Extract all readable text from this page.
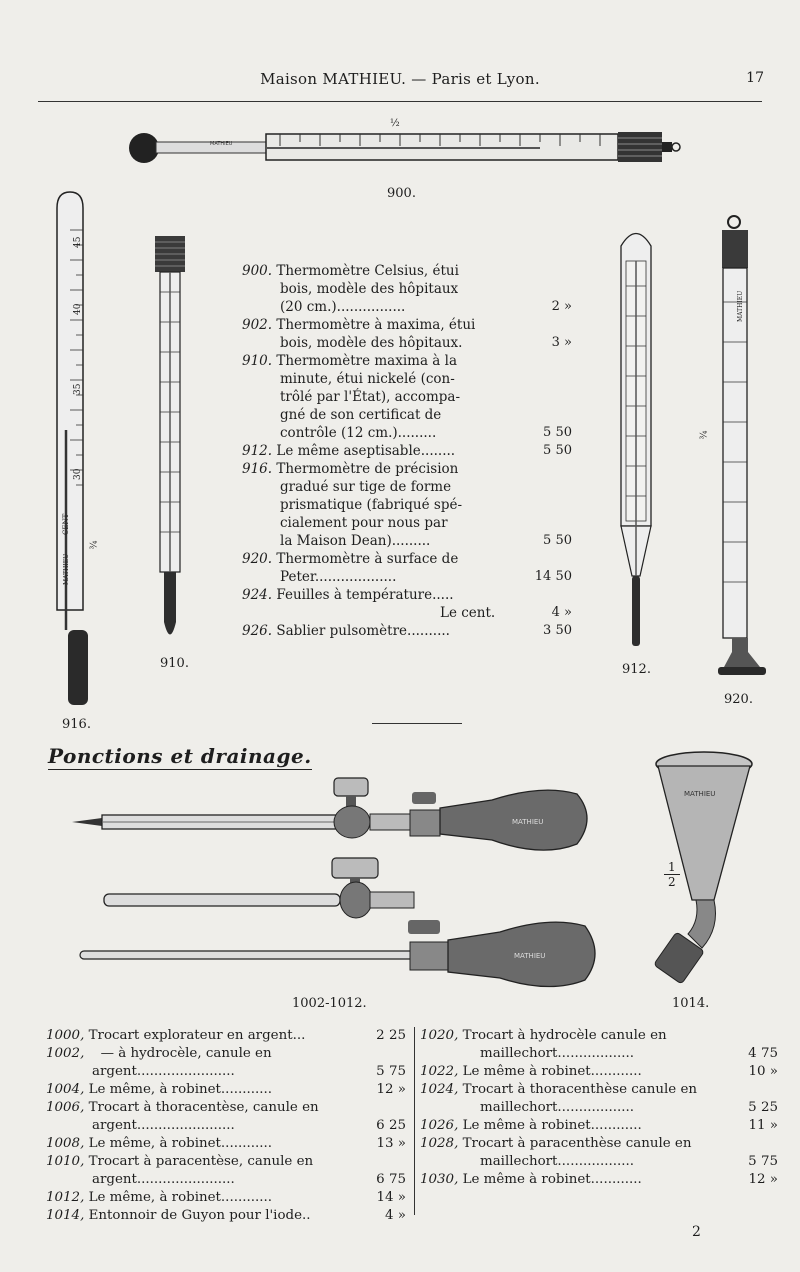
Maison MATHIEU. — Paris et Lyon.	17
MATHIEU
½
900.
45
40
35
30
CENT
MATHIEU
¾
916.
910.
900. Thermomètre Celsius, étui
bois, modèle des hôpitaux
(20 cm.)................	2 »
902. Thermomètre à maxima, étui
bois, modèle des hôpitaux.	3 »
910. Thermomètre maxima à la
minute, étui nickelé (con-
trôlé par l'État), accompa-
gné de son certificat de
contrôle (12 cm.).........	5 50
912. Le même aseptisable........	5 50
916. Thermomètre de précision
gradué sur tige de forme
prismatique (fabriqué spé-
cialement pour nous par
la Maison Dean).........	5 50
920. Thermomètre à surface de
Peter...................	14 50
924. Feuilles à température.....
Le cent.	4 »
926. Sablier pulsomètre..........	3 50
912.
MATHIEU
¾
920.
Ponctions et drainage.
MATHIEU
MATHIEU
MATHIEU
$\frac{1}{2}$
1002-1012.	1014.
1000, Trocart explorateur en argent...	2 25
1002, — à hydrocèle, canule en
argent.......................	5 75
1004, Le même, à robinet............	12 »
1006, Trocart à thoracentèse, canule en
argent.......................	6 25
1008, Le même, à robinet............	13 »
1010, Trocart à paracentèse, canule en
argent.......................	6 75
1012, Le même, à robinet............	14 »
1014, Entonnoir de Guyon pour l'iode..	4 »
1020, Trocart à hydrocèle canule en
maillechort..................	4 75
1022, Le même à robinet............	10 »
1024, Trocart à thoracenthèse canule en
maillechort..................	5 25
1026, Le même à robinet............	11 »
1028, Trocart à paracenthèse canule en
maillechort..................	5 75
1030, Le même à robinet............	12 »
2
